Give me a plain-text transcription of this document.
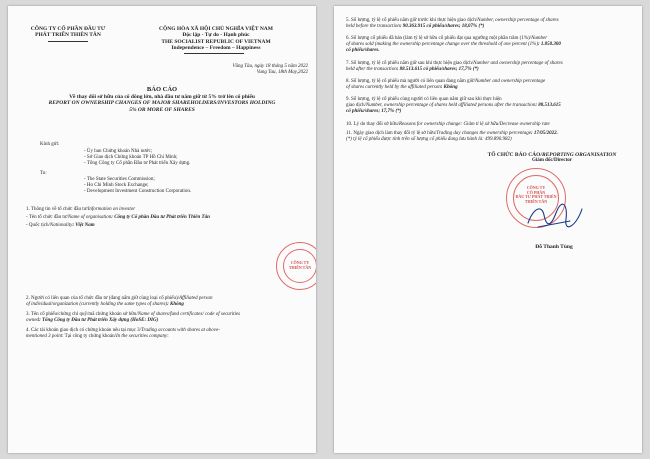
CÔNG TY CỔ PHẦN ĐẦU TƯ
PHÁT TRIỂN THIÊN TÂN
CỘNG HÒA XÃ HỘI CHỦ NGHĨA VIỆT NAM
Độc lập - Tự do - Hạnh phúc
THE SOCIALIST REPUBLIC OF VIETNAM
Independence – Freedom – Happiness
Vũng Tàu, ngày 18 tháng 5 năm 2022
Vung Tau, 18th May,2022
BÁO CÁO
Về thay đổi sở hữu của cổ đông lớn, nhà đầu tư nắm giữ từ 5% trở lên cổ phiếu
REPORT ON OWNERSHIP CHANGES OF MAJOR SHAREHOLDERS/INVESTORS HOLDING
5% OR MORE OF SHARES
Kính gửi:
- Ủy ban Chứng khoán Nhà nước;
- Sở Giao dịch Chứng khoán TP Hồ Chí Minh;
- Tổng Công ty Cổ phần Đầu tư Phát triển Xây dựng.
To:
- The State Securities Commission;
- Ho Chi Minh Stock Exchange;
- Development Investment Construction Corporation.
1. Thông tin về tổ chức đầu tư/Information on investor
- Tên tổ chức đầu tư/Name of organisation: Công ty Cổ phần Đầu tư Phát triển Thiên Tân
- Quốc tịch/Nationality: Việt Nam
CÔNG TY
THIÊN TÂN
2. Người có liên quan của tổ chức đầu tư (đang nắm giữ cùng loại cổ phiếu)/Affiliated person
of individual/organization (currently holding the same types of shares): Không
3. Tên cổ phiếu/chứng chỉ quỹ/mã chứng khoán sở hữu/Name of shares/fund certificates/ code of securities
owned: Tổng Công ty Đầu tư Phát triển Xây dựng (HoSE: DIG)
4. Các tài khoản giao dịch có chứng khoán nêu tại mục 3/Trading accounts with shares at above-
mentioned 3 point: Tại công ty chứng khoán/In the securities company:
5. Số lượng, tỷ lệ cổ phiếu nắm giữ trước khi thực hiện giao dịch/Number, ownership percentage of shares
held before the transaction: 90.363.915 cổ phiếu/shares; 18,07% (*)
6. Số lượng cổ phiếu đã bán (làm tỷ lệ sở hữu cổ phiếu đạt qua ngưỡng một phần trăm (1%)/Number
of shares sold (making the ownership percentage change over the threshold of one percent (1%): 1.850.300
cổ phiếu/shares.
7. Số lượng, tỷ lệ cổ phiếu nắm giữ sau khi thực hiện giao dịch/Number and ownership percentage of shares
held after the transaction: 88.513.615 cổ phiếu/shares; 17,7% (*)
8. Số lượng, tỷ lệ cổ phiếu mà người có liên quan đang nắm giữ/Number and ownership percentage
of shares currently held by the affiliated person: Không
9. Số lượng, tỷ lệ cổ phiếu cùng người có liên quan nắm giữ sau khi thực hiện
giao dịch/Number, ownership percentage of shares held affiliated persons after the transaction: 88.513.615
cổ phiếu/shares; 17,7% (*)
10. Lý do thay đổi sở hữu/Reasons for ownership change: Giảm tỉ lệ sở hữu/Decrease ownership rate
11. Ngày giao dịch làm thay đổi tỷ lệ sở hữu/Trading day changes the ownership percentage: 17/05/2022.
(*) tỷ lệ cổ phiếu được tính trên số lượng cổ phiếu đang lưu hành là: 499.890.982)
TỔ CHỨC BÁO CÁO/REPORTING ORGANISATION
Giám đốc/Director
CÔNG TY
CỔ PHẦN
ĐẦU TƯ PHÁT TRIỂN
THIÊN TÂN
Đỗ Thanh Tùng
